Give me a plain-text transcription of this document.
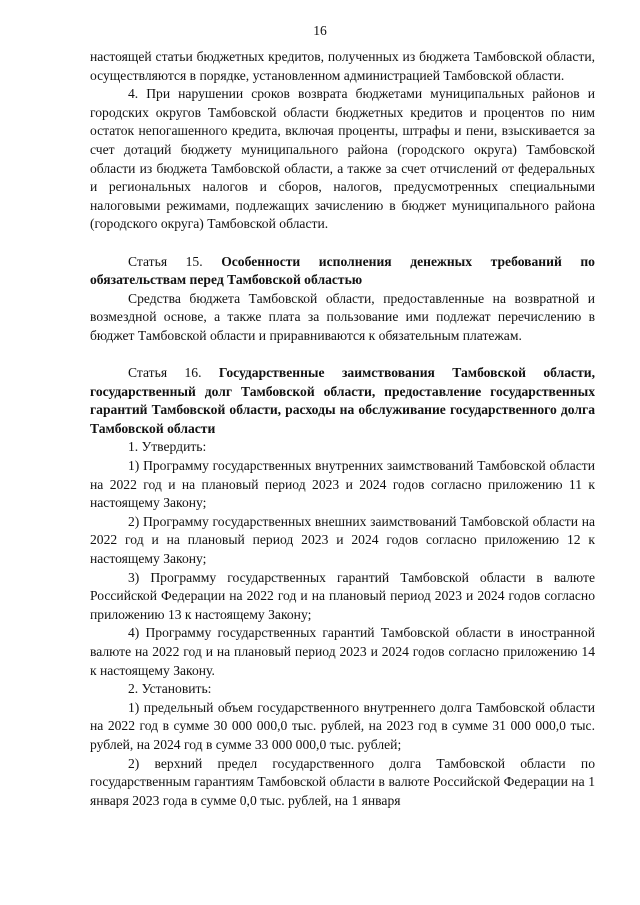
16

настоящей статьи бюджетных кредитов, полученных из бюджета Тамбовской области, осуществляются в порядке, установленном администрацией Тамбовской области.

4. При нарушении сроков возврата бюджетами муниципальных районов и городских округов Тамбовской области бюджетных кредитов и процентов по ним остаток непогашенного кредита, включая проценты, штрафы и пени, взыскивается за счет дотаций бюджету муниципального района (городского округа) Тамбовской области из бюджета Тамбовской области, а также за счет отчислений от федеральных и региональных налогов и сборов, налогов, предусмотренных специальными налоговыми режимами, подлежащих зачислению в бюджет муниципального района (городского округа) Тамбовской области.

Статья 15. Особенности исполнения денежных требований по обязательствам перед Тамбовской областью

Средства бюджета Тамбовской области, предоставленные на возвратной и возмездной основе, а также плата за пользование ими подлежат перечислению в бюджет Тамбовской области и приравниваются к обязательным платежам.

Статья 16. Государственные заимствования Тамбовской области, государственный долг Тамбовской области, предоставление государственных гарантий Тамбовской области, расходы на обслуживание государственного долга Тамбовской области

1. Утвердить:

1) Программу государственных внутренних заимствований Тамбовской области на 2022 год и на плановый период 2023 и 2024 годов согласно приложению 11 к настоящему Закону;

2) Программу государственных внешних заимствований Тамбовской области на 2022 год и на плановый период 2023 и 2024 годов согласно приложению 12 к настоящему Закону;

3) Программу государственных гарантий Тамбовской области в валюте Российской Федерации на 2022 год и на плановый период 2023 и 2024 годов согласно приложению 13 к настоящему Закону;

4) Программу государственных гарантий Тамбовской области в иностранной валюте на 2022 год и на плановый период 2023 и 2024 годов согласно приложению 14 к настоящему Закону.

2. Установить:

1) предельный объем государственного внутреннего долга Тамбовской области на 2022 год в сумме 30 000 000,0 тыс. рублей, на 2023 год в сумме 31 000 000,0 тыс. рублей, на 2024 год в сумме 33 000 000,0 тыс. рублей;

2) верхний предел государственного долга Тамбовской области по государственным гарантиям Тамбовской области в валюте Российской Федерации на 1 января 2023 года в сумме 0,0 тыс. рублей, на 1 января
